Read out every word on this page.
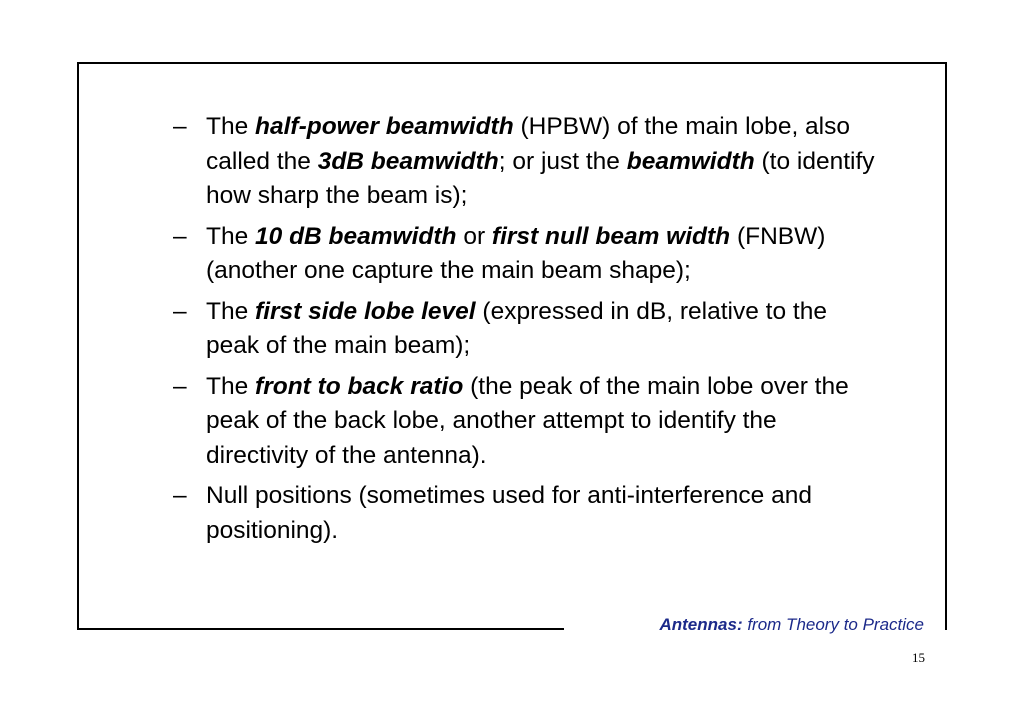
– The half-power beamwidth (HPBW) of the main lobe, also called the 3dB beamwidth; or just the beamwidth (to identify how sharp the beam is);
– The 10 dB beamwidth or first null beam width (FNBW) (another one capture the main beam shape);
– The first side lobe level (expressed in dB, relative to the peak of the main beam);
– The front to back ratio (the peak of the main lobe over the peak of the back lobe, another attempt to identify the directivity of the antenna).
– Null positions (sometimes used for anti-interference and positioning).
Antennas: from Theory to Practice
15
